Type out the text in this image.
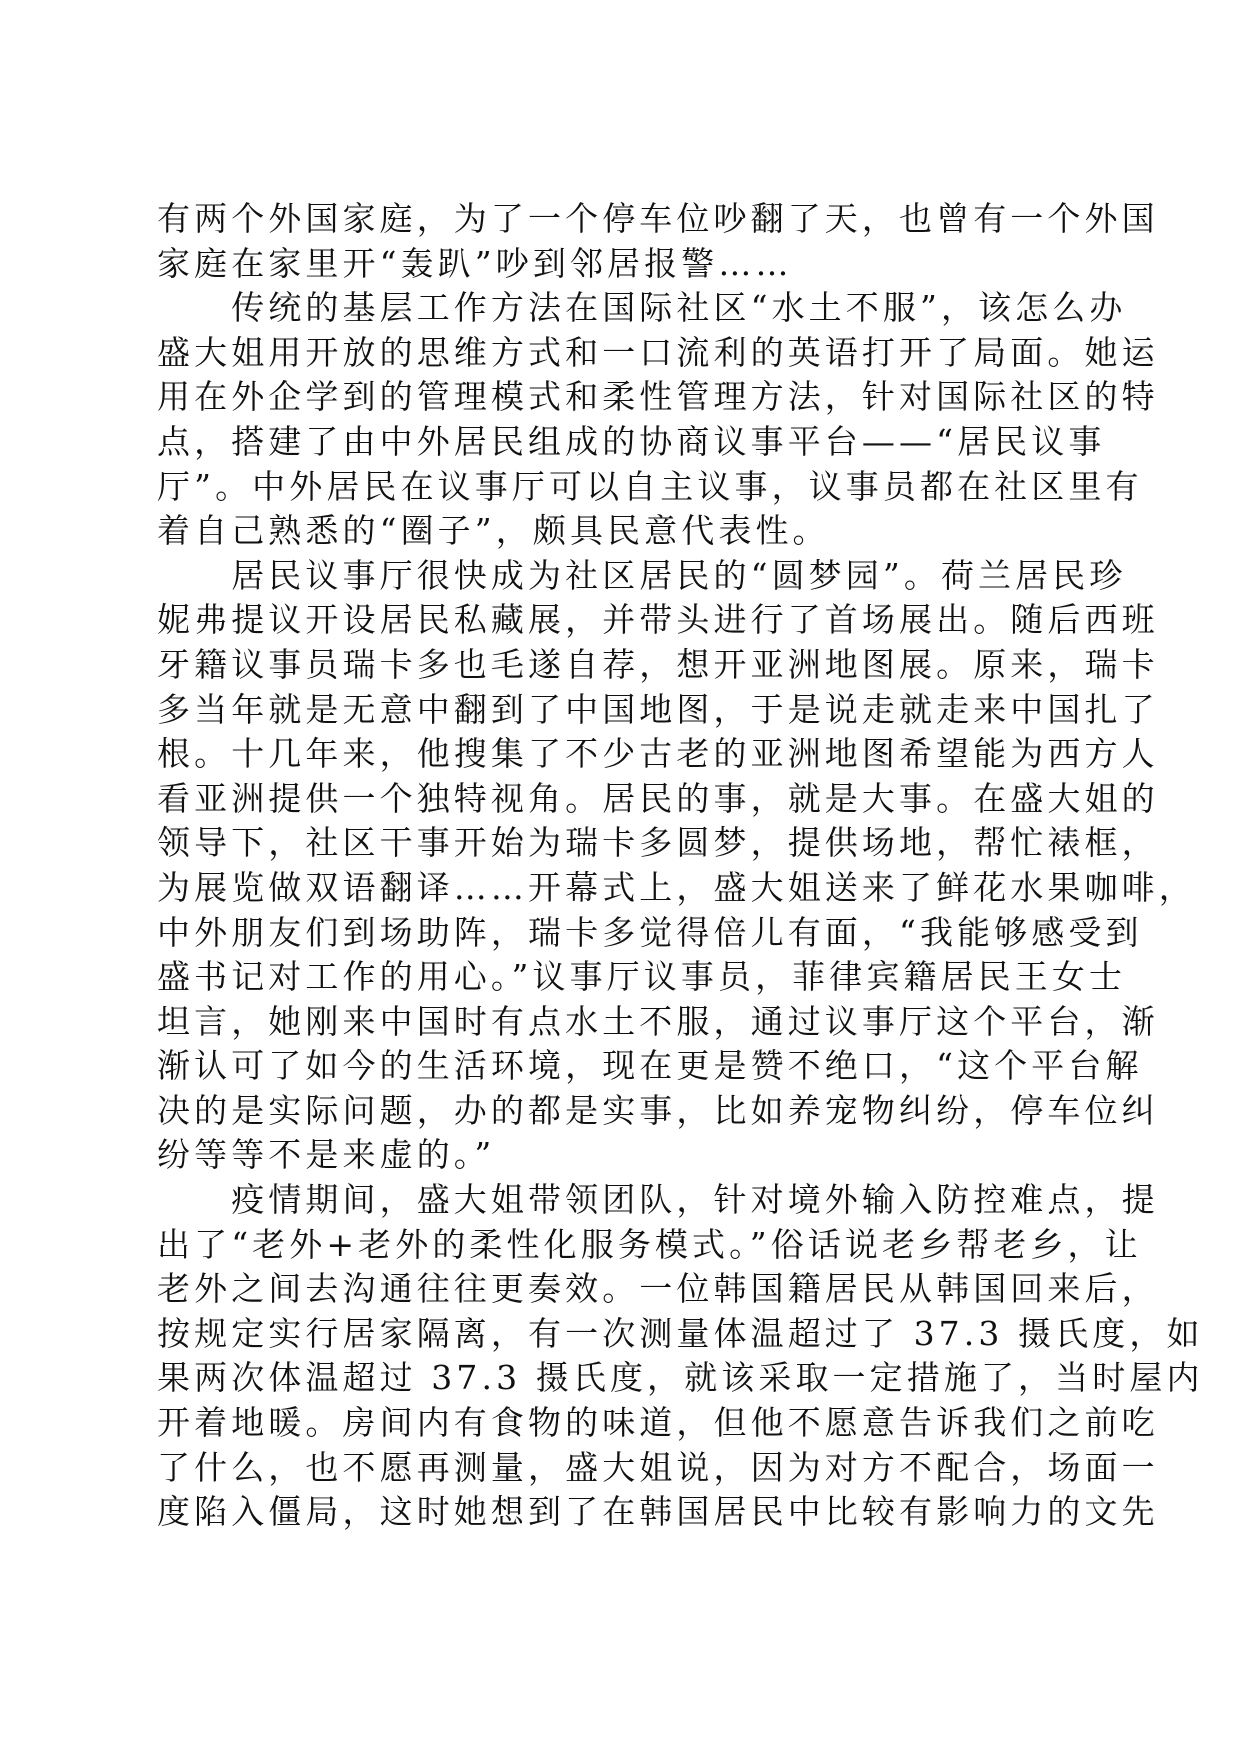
有两个外国家庭，为了一个停车位吵翻了天，也曾有一个外国
家庭在家里开“轰趴”吵到邻居报警……
　　传统的基层工作方法在国际社区“水土不服”，该怎么办
盛大姐用开放的思维方式和一口流利的英语打开了局面。她运
用在外企学到的管理模式和柔性管理方法，针对国际社区的特
点，搭建了由中外居民组成的协商议事平台——“居民议事
厅”。中外居民在议事厅可以自主议事，议事员都在社区里有
着自己熟悉的“圈子”，颇具民意代表性。
　　居民议事厅很快成为社区居民的“圆梦园”。荷兰居民珍
妮弗提议开设居民私藏展，并带头进行了首场展出。随后西班
牙籍议事员瑞卡多也毛遂自荐，想开亚洲地图展。原来，瑞卡
多当年就是无意中翻到了中国地图，于是说走就走来中国扎了
根。十几年来，他搜集了不少古老的亚洲地图希望能为西方人
看亚洲提供一个独特视角。居民的事，就是大事。在盛大姐的
领导下，社区干事开始为瑞卡多圆梦，提供场地，帮忙裱框，
为展览做双语翻译……开幕式上，盛大姐送来了鲜花水果咖啡，
中外朋友们到场助阵，瑞卡多觉得倍儿有面，“我能够感受到
盛书记对工作的用心。”议事厅议事员，菲律宾籍居民王女士
坦言，她刚来中国时有点水土不服，通过议事厅这个平台，渐
渐认可了如今的生活环境，现在更是赞不绝口，“这个平台解
决的是实际问题，办的都是实事，比如养宠物纠纷，停车位纠
纷等等不是来虚的。”
　　疫情期间，盛大姐带领团队，针对境外输入防控难点，提
出了“老外+老外的柔性化服务模式。”俗话说老乡帮老乡，让
老外之间去沟通往往更奏效。一位韩国籍居民从韩国回来后，
按规定实行居家隔离，有一次测量体温超过了 37.3 摄氏度，如
果两次体温超过 37.3 摄氏度，就该采取一定措施了，当时屋内
开着地暖。房间内有食物的味道，但他不愿意告诉我们之前吃
了什么，也不愿再测量，盛大姐说，因为对方不配合，场面一
度陷入僵局，这时她想到了在韩国居民中比较有影响力的文先
